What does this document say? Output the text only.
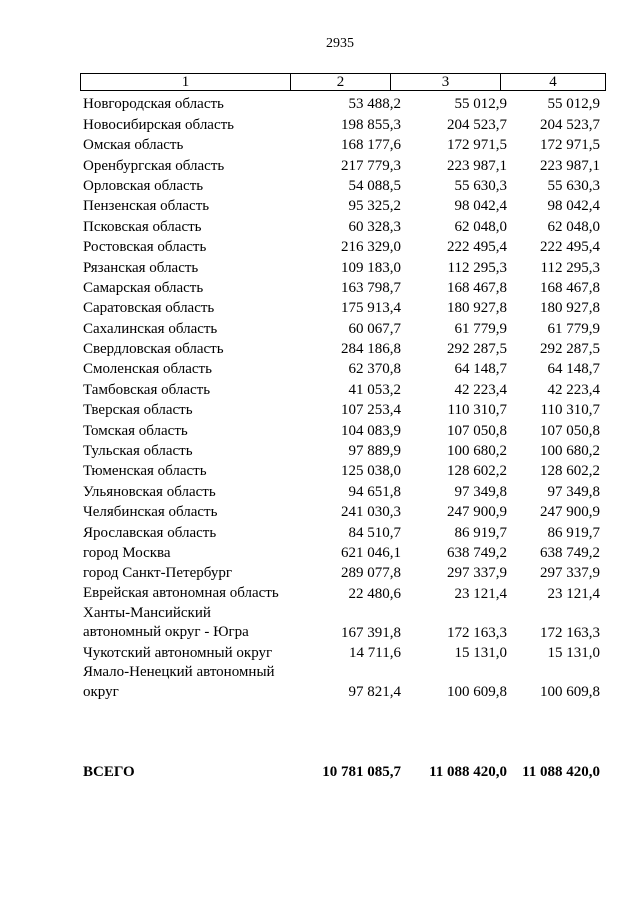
2935
1	2	3	4
Новгородская область	53 488,2	55 012,9	55 012,9
Новосибирская область	198 855,3	204 523,7	204 523,7
Омская область	168 177,6	172 971,5	172 971,5
Оренбургская область	217 779,3	223 987,1	223 987,1
Орловская область	54 088,5	55 630,3	55 630,3
Пензенская область	95 325,2	98 042,4	98 042,4
Псковская область	60 328,3	62 048,0	62 048,0
Ростовская область	216 329,0	222 495,4	222 495,4
Рязанская область	109 183,0	112 295,3	112 295,3
Самарская область	163 798,7	168 467,8	168 467,8
Саратовская область	175 913,4	180 927,8	180 927,8
Сахалинская область	60 067,7	61 779,9	61 779,9
Свердловская область	284 186,8	292 287,5	292 287,5
Смоленская область	62 370,8	64 148,7	64 148,7
Тамбовская область	41 053,2	42 223,4	42 223,4
Тверская область	107 253,4	110 310,7	110 310,7
Томская область	104 083,9	107 050,8	107 050,8
Тульская область	97 889,9	100 680,2	100 680,2
Тюменская область	125 038,0	128 602,2	128 602,2
Ульяновская область	94 651,8	97 349,8	97 349,8
Челябинская область	241 030,3	247 900,9	247 900,9
Ярославская область	84 510,7	86 919,7	86 919,7
город Москва	621 046,1	638 749,2	638 749,2
город Санкт-Петербург	289 077,8	297 337,9	297 337,9
Еврейская автономная область	22 480,6	23 121,4	23 121,4
Ханты-Мансийский автономный округ - Югра	167 391,8	172 163,3	172 163,3
Чукотский автономный округ	14 711,6	15 131,0	15 131,0
Ямало-Ненецкий автономный округ	97 821,4	100 609,8	100 609,8
ВСЕГО	10 781 085,7	11 088 420,0	11 088 420,0
